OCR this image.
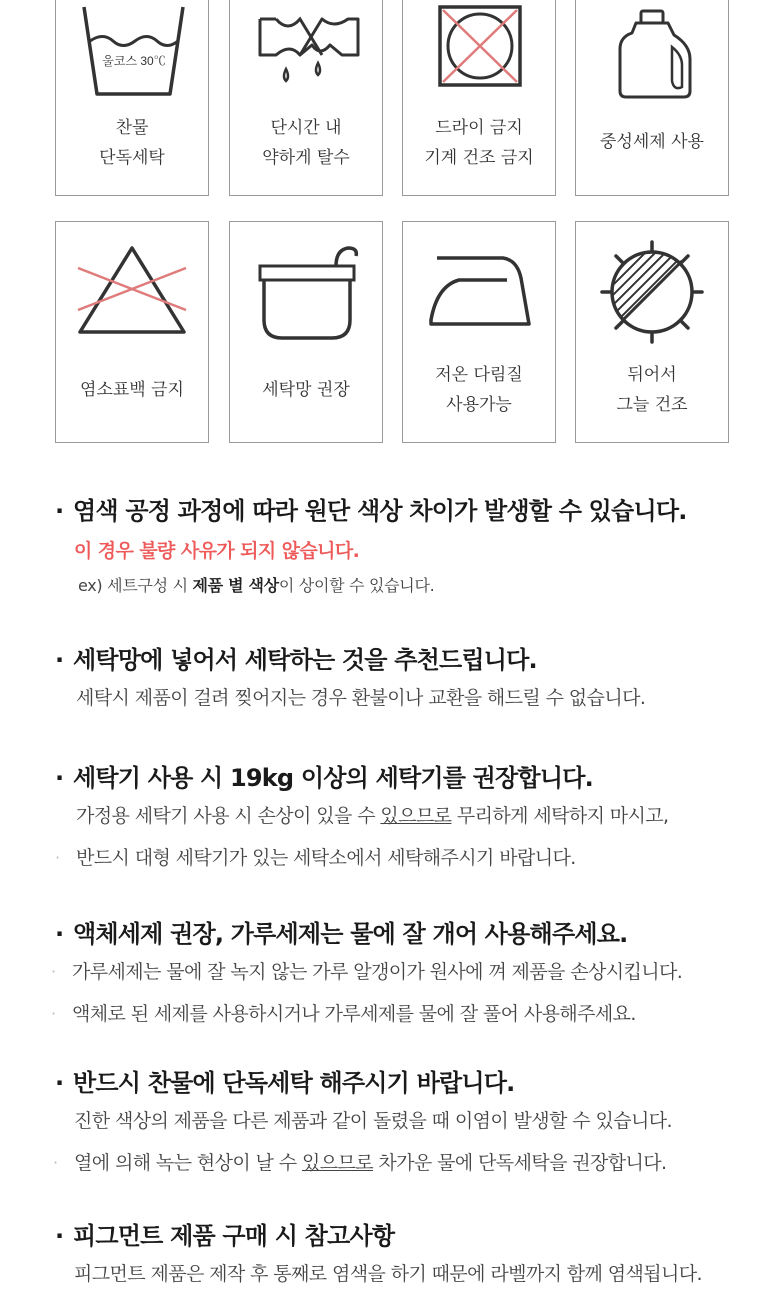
울코스 30℃
찬물
단독세탁
단시간 내
약하게 탈수
드라이 금지
기계 건조 금지
중성세제 사용
염소표백 금지	세탁망 권장
저온 다림질
사용가능
뒤어서
그늘 건조
· 염색 공정 과정에 따라 원단 색상 차이가 발생할 수 있습니다.
이 경우 불량 사유가 되지 않습니다.
ex) 세트구성 시 제품 별 색상이 상이할 수 있습니다.
· 세탁망에 넣어서 세탁하는 것을 추천드립니다.
세탁시 제품이 걸려 찢어지는 경우 환불이나 교환을 해드릴 수 없습니다.
· 세탁기 사용 시 19kg 이상의 세탁기를 권장합니다.
가정용 세탁기 사용 시 손상이 있을 수 있으므로 무리하게 세탁하지 마시고,
· 반드시 대형 세탁기가 있는 세탁소에서 세탁해주시기 바랍니다.
· 액체세제 권장, 가루세제는 물에 잘 개어 사용해주세요.
· 가루세제는 물에 잘 녹지 않는 가루 알갱이가 원사에 껴 제품을 손상시킵니다.
· 액체로 된 세제를 사용하시거나 가루세제를 물에 잘 풀어 사용해주세요.
· 반드시 찬물에 단독세탁 해주시기 바랍니다.
진한 색상의 제품을 다른 제품과 같이 돌렸을 때 이염이 발생할 수 있습니다.
· 열에 의해 녹는 현상이 날 수 있으므로 차가운 물에 단독세탁을 권장합니다.
· 피그먼트 제품 구매 시 참고사항
피그먼트 제품은 제작 후 통째로 염색을 하기 때문에 라벨까지 함께 염색됩니다.
